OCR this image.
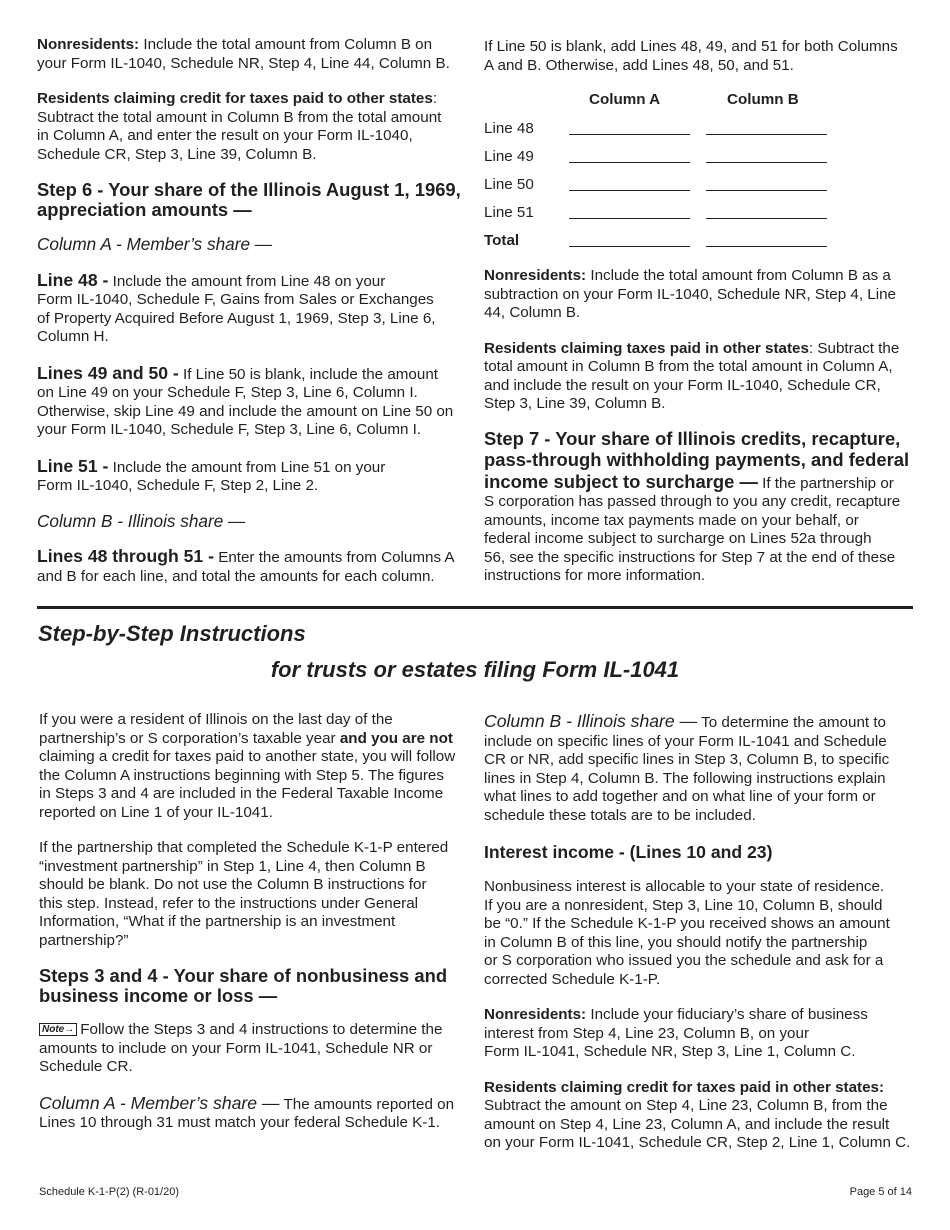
Nonresidents: Include the total amount from Column B on
your Form IL-1040, Schedule NR, Step 4, Line 44, Column B.

Residents claiming credit for taxes paid to other states:
Subtract the total amount in Column B from the total amount
in Column A, and enter the result on your Form IL-1040,
Schedule CR, Step 3, Line 39, Column B.

Step 6 - Your share of the Illinois August 1, 1969,
appreciation amounts —

Column A - Member’s share —

Line 48 - Include the amount from Line 48 on your
Form IL-1040, Schedule F, Gains from Sales or Exchanges
of Property Acquired Before August 1, 1969, Step 3, Line 6,
Column H.

Lines 49 and 50 - If Line 50 is blank, include the amount
on Line 49 on your Schedule F, Step 3, Line 6, Column I.
Otherwise, skip Line 49 and include the amount on Line 50 on
your Form IL-1040, Schedule F, Step 3, Line 6, Column I.

Line 51 - Include the amount from Line 51 on your
Form IL-1040, Schedule F, Step 2, Line 2.

Column B - Illinois share —

Lines 48 through 51 - Enter the amounts from Columns A
and B for each line, and total the amounts for each column.

If Line 50 is blank, add Lines 48, 49, and 51 for both Columns
A and B. Otherwise, add Lines 48, 50, and 51.

Column A	Column B
Line 48
Line 49
Line 50
Line 51
Total

Nonresidents: Include the total amount from Column B as a
subtraction on your Form IL-1040, Schedule NR, Step 4, Line
44, Column B.

Residents claiming taxes paid in other states: Subtract the
total amount in Column B from the total amount in Column A,
and include the result on your Form IL-1040, Schedule CR,
Step 3, Line 39, Column B.

Step 7 - Your share of Illinois credits, recapture,
pass-through withholding payments, and federal
income subject to surcharge — If the partnership or
S corporation has passed through to you any credit, recapture
amounts, income tax payments made on your behalf, or
federal income subject to surcharge on Lines 52a through
56, see the specific instructions for Step 7 at the end of these
instructions for more information.

Step-by-Step Instructions

for trusts or estates filing Form IL-1041

If you were a resident of Illinois on the last day of the
partnership’s or S corporation’s taxable year and you are not
claiming a credit for taxes paid to another state, you will follow
the Column A instructions beginning with Step 5. The figures
in Steps 3 and 4 are included in the Federal Taxable Income
reported on Line 1 of your IL-1041.

If the partnership that completed the Schedule K-1-P entered
“investment partnership” in Step 1, Line 4, then Column B
should be blank. Do not use the Column B instructions for
this step. Instead, refer to the instructions under General
Information, “What if the partnership is an investment
partnership?”

Steps 3 and 4 - Your share of nonbusiness and
business income or loss —

Note→ Follow the Steps 3 and 4 instructions to determine the
amounts to include on your Form IL-1041, Schedule NR or
Schedule CR.

Column A - Member’s share — The amounts reported on
Lines 10 through 31 must match your federal Schedule K-1.

Column B - Illinois share — To determine the amount to
include on specific lines of your Form IL-1041 and Schedule
CR or NR, add specific lines in Step 3, Column B, to specific
lines in Step 4, Column B. The following instructions explain
what lines to add together and on what line of your form or
schedule these totals are to be included.

Interest income - (Lines 10 and 23)

Nonbusiness interest is allocable to your state of residence.
If you are a nonresident, Step 3, Line 10, Column B, should
be “0.” If the Schedule K-1-P you received shows an amount
in Column B of this line, you should notify the partnership
or S corporation who issued you the schedule and ask for a
corrected Schedule K-1-P.

Nonresidents: Include your fiduciary’s share of business
interest from Step 4, Line 23, Column B, on your
Form IL-1041, Schedule NR, Step 3, Line 1, Column C.

Residents claiming credit for taxes paid in other states:
Subtract the amount on Step 4, Line 23, Column B, from the
amount on Step 4, Line 23, Column A, and include the result
on your Form IL-1041, Schedule CR, Step 2, Line 1, Column C.

Schedule K-1-P(2) (R-01/20)	Page 5 of 14
